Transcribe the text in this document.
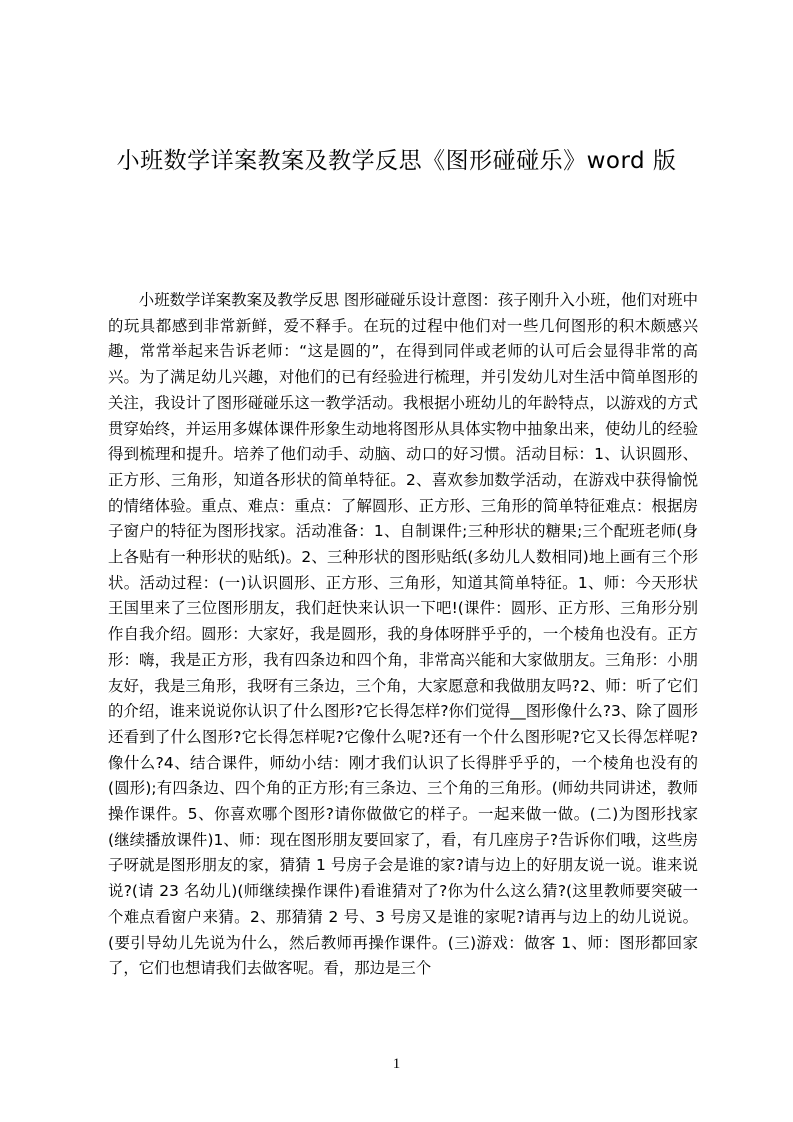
小班数学详案教案及教学反思《图形碰碰乐》word 版
小班数学详案教案及教学反思 图形碰碰乐设计意图：孩子刚升入小班，他们对班中的玩具都感到非常新鲜，爱不释手。在玩的过程中他们对一些几何图形的积木颇感兴趣，常常举起来告诉老师：“这是圆的”，在得到同伴或老师的认可后会显得非常的高兴。为了满足幼儿兴趣，对他们的已有经验进行梳理，并引发幼儿对生活中简单图形的关注，我设计了图形碰碰乐这一教学活动。我根据小班幼儿的年龄特点，以游戏的方式贯穿始终，并运用多媒体课件形象生动地将图形从具体实物中抽象出来，使幼儿的经验得到梳理和提升。培养了他们动手、动脑、动口的好习惯。活动目标：1、认识圆形、正方形、三角形，知道各形状的简单特征。2、喜欢参加数学活动，在游戏中获得愉悦的情绪体验。重点、难点：重点：了解圆形、正方形、三角形的简单特征难点：根据房子窗户的特征为图形找家。活动准备：1、自制课件;三种形状的糖果;三个配班老师(身上各贴有一种形状的贴纸)。2、三种形状的图形贴纸(多幼儿人数相同)地上画有三个形状。活动过程：(一)认识圆形、正方形、三角形，知道其简单特征。1、师：今天形状王国里来了三位图形朋友，我们赶快来认识一下吧!(课件：圆形、正方形、三角形分别作自我介绍。圆形：大家好，我是圆形，我的身体呀胖乎乎的，一个棱角也没有。正方形：嗨，我是正方形，我有四条边和四个角，非常高兴能和大家做朋友。三角形：小朋友好，我是三角形，我呀有三条边，三个角，大家愿意和我做朋友吗?2、师：听了它们的介绍，谁来说说你认识了什么图形?它长得怎样?你们觉得__图形像什么?3、除了圆形还看到了什么图形?它长得怎样呢?它像什么呢?还有一个什么图形呢?它又长得怎样呢?像什么?4、结合课件，师幼小结：刚才我们认识了长得胖乎乎的，一个棱角也没有的(圆形);有四条边、四个角的正方形;有三条边、三个角的三角形。(师幼共同讲述，教师操作课件。5、你喜欢哪个图形?请你做做它的样子。一起来做一做。(二)为图形找家(继续播放课件)1、师：现在图形朋友要回家了，看，有几座房子?告诉你们哦，这些房子呀就是图形朋友的家，猜猜 1 号房子会是谁的家?请与边上的好朋友说一说。谁来说说?(请 23 名幼儿)(师继续操作课件)看谁猜对了?你为什么这么猜?(这里教师要突破一个难点看窗户来猜。2、那猜猜 2 号、3 号房又是谁的家呢?请再与边上的幼儿说说。(要引导幼儿先说为什么，然后教师再操作课件。(三)游戏：做客 1、师：图形都回家了，它们也想请我们去做客呢。看，那边是三个
1
